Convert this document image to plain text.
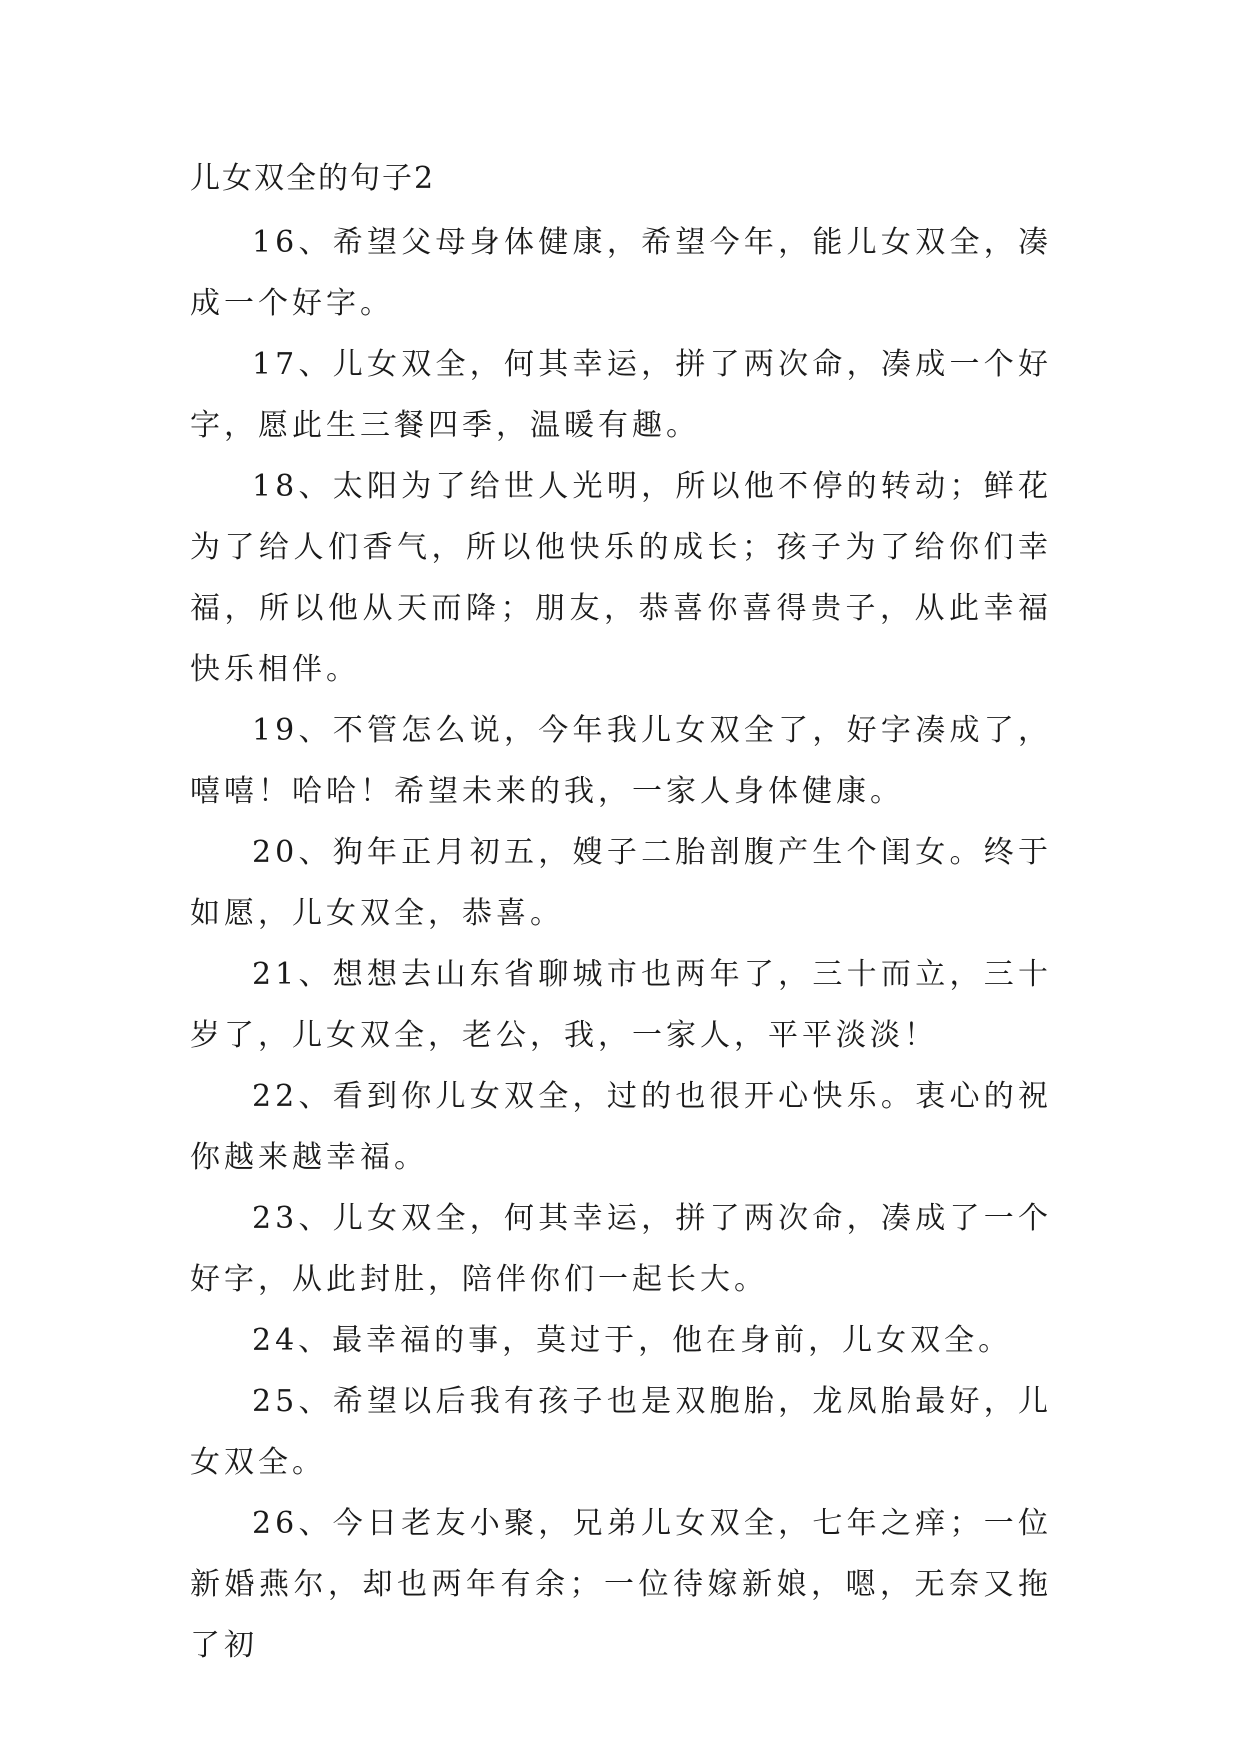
儿女双全的句子2

16、希望父母身体健康，希望今年，能儿女双全，凑成一个好字。

17、儿女双全，何其幸运，拼了两次命，凑成一个好字，愿此生三餐四季，温暖有趣。

18、太阳为了给世人光明，所以他不停的转动；鲜花为了给人们香气，所以他快乐的成长；孩子为了给你们幸福，所以他从天而降；朋友，恭喜你喜得贵子，从此幸福快乐相伴。

19、不管怎么说，今年我儿女双全了，好字凑成了，嘻嘻！哈哈！希望未来的我，一家人身体健康。

20、狗年正月初五，嫂子二胎剖腹产生个闺女。终于如愿，儿女双全，恭喜。

21、想想去山东省聊城市也两年了，三十而立，三十岁了，儿女双全，老公，我，一家人，平平淡淡！

22、看到你儿女双全，过的也很开心快乐。衷心的祝你越来越幸福。

23、儿女双全，何其幸运，拼了两次命，凑成了一个好字，从此封肚，陪伴你们一起长大。

24、最幸福的事，莫过于，他在身前，儿女双全。

25、希望以后我有孩子也是双胞胎，龙凤胎最好，儿女双全。

26、今日老友小聚，兄弟儿女双全，七年之痒；一位新婚燕尔，却也两年有余；一位待嫁新娘，嗯，无奈又拖了初
